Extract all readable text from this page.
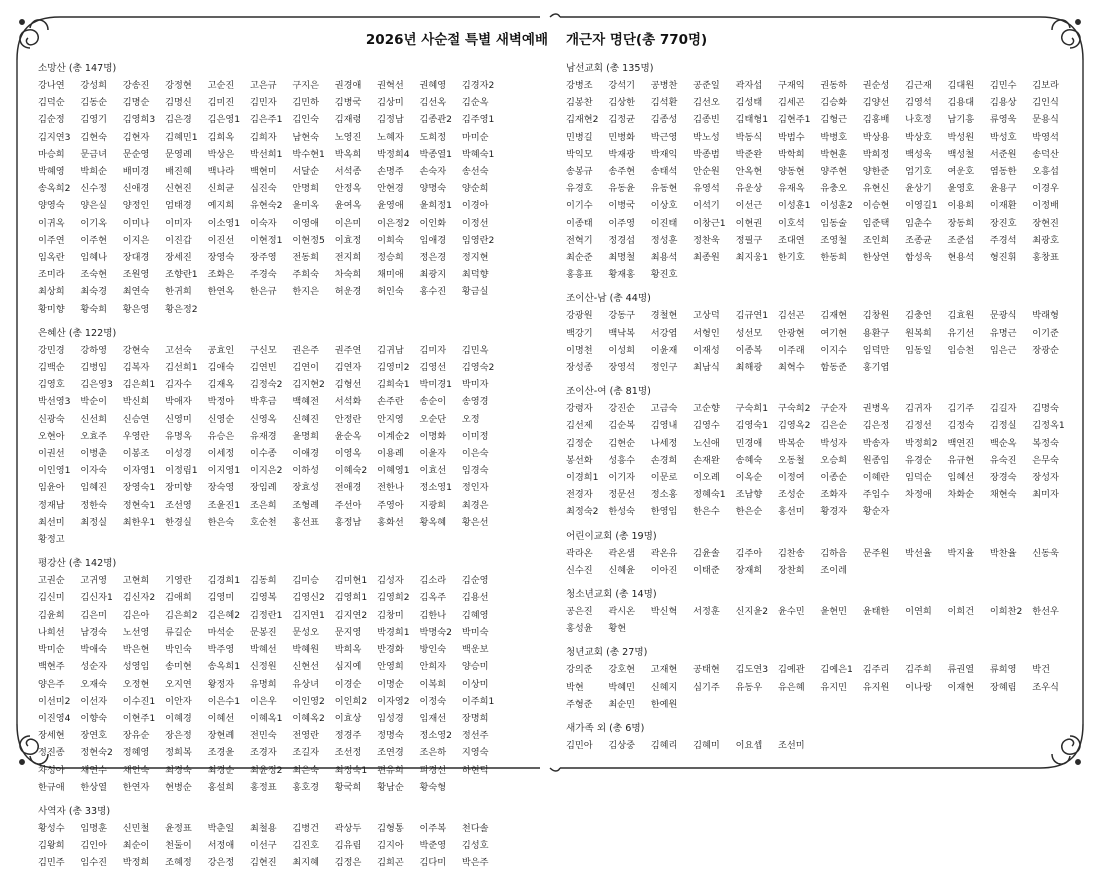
2026년 사순절 특별 새벽예배 개근자 명단(총 770명)
소망산 (총 147명)
강나연 강성희 강송진 강정현 고순진 고은규 구지은 권경애 권혁선 권혜영 김경자2김덕순 김동순 김명순 김명신 김미진 김민자 김민하 김병국 김상미 김선옥 김순옥김순정 김영기 김영희3 김은경 김은영1 김은주1 김인숙 김재령 김정남 김종관2 김주영1김지연3 김현숙 김현자 김혜민1 김희옥 김희자 남현숙 노영진 노혜자 도희정 마미순마승희 문금녀 문순영 문영례 박상은 박선희1 박수현1 박옥희 박정희4 박종열1 박혜숙1박혜영 박희순 배미경 배진혜 백나라 백현미 서달순 서석종 손명주 손숙자 송선숙송옥희2 신수정 신애경 신현진 신희균 심진숙 안명희 안정옥 안현경 양명숙 양순희양영숙 양은실 양정인 엄태경 예지희 유현숙2 윤미옥 윤여옥 윤영애 윤희정1 이경아이귀옥 이기옥 이미나 이미자 이소영1 이숙자 이영애 이은미 이은정2 이인화 이정선이주연 이주현 이지은 이진갑 이진선 이현정1 이현정5 이효정 이희숙 임애경 임영란2임옥란 임혜나 장대경 장세진 장영숙 장주영 전동희 전지희 정승희 정은경 정지현조미라 조숙현 조원영 조향란1 조화은 주경숙 주희숙 차숙희 채미애 최광지 최덕향최상희 최숙경 최연숙 한귀희 한연옥 한은규 한지은 허운경 허인숙 홍수진 황금실황미향 황숙희 황은영 황은정2
은혜산 (총 122명)
강민경 강하영 강현숙 고선숙 공효인 구신모 권은주 권주연 김귀남 김미자 김민옥김백순 김병임 김복자 김선희1 김애숙 김연빈 김연이 김연자 김영미2 김영선 김영숙2김영호 김은영3 김은희1 김자수 김재옥 김정숙2 김지현2 김형선 김희숙1 박미경1 박미자박선영3 박순이 박신희 박애자 박정아 박후금 백혜전 서석화 손주란 송순이 송영경신광숙 신선희 신승연 신영미 신영순 신영옥 신혜진 안정란 안지영 오순단 오정오현아 오효주 우영란 유명옥 유승은 유재경 윤명희 윤순옥 이계순2 이명화 이미정이권선 이병춘 이봉조 이성경 이세정 이수종 이애경 이영옥 이용례 이윤자 이은숙이인영1 이자숙 이자영1 이정림1 이지영1 이지은2 이하성 이혜숙2 이혜영1 이효선 임경숙임윤아 임혜진 장영숙1 장미향 장숙영 장임례 장효성 전애경 전한나 정소영1 정인자정재남 정한숙 정현숙1 조선영 조윤진1 조은희 조형례 주선아 주영아 지광희 최경은최선미 최정실 최한우1 한경실 한은숙 호순천 홍선표 홍정남 홍화선 황옥혜 황은선황정고
평강산 (총 142명)
고권순 고귀영 고현희 기영란 김경희1 김동희 김미승 김미현1 김성자 김소라 김순영김신미 김신자1 김신자2 김애희 김영미 김영복 김영신2 김영희1 김영희2 김옥주 김용선김윤희 김은미 김은아 김은희2 김은혜2 김정란1 김지연1 김지연2 김창미 김한나 김혜영나희선 남경숙 노선영 류길순 마석순 문봉진 문성오 문지영 박경희1 박명숙2 박미숙박미순 박애숙 박은현 박인숙 박주영 박혜선 박혜원 박희옥 반경화 방인숙 백운보백현주 성순자 성영임 송미현 송옥희1 신정원 신현선 심지예 안영희 안희자 양승미양은주 오재숙 오정현 오지연 왕정자 유명희 유상녀 이경순 이명순 이복희 이상미이선미2 이선자 이수진1 이안자 이은수1 이은우 이인영2 이인희2 이자영2 이정숙 이주희1이진영4 이향숙 이현주1 이혜경 이혜선 이혜옥1 이혜옥2 이효상 임성경 임재선 장명희장세현 장연호 장유순 장은정 장현례 전민숙 전영란 정경주 정명숙 정소영2 정선주정진종 정현숙2 정혜영 정희복 조경윤 조경자 조길자 조선정 조연경 조은하 지영숙차성아 채연수 채인숙 최경숙 최경순 최윤정2 최은숙 최정숙1 편유희 피경선 하현덕한규애 한상열 한연자 현병순 홍설희 홍정표 홍호경 황국희 황남순 황숙형
사역자 (총 33명)
황성수 임명훈 신민철 윤정표 박춘일 최철용 김병건 곽상두 김형통 이주복 천다솔김왕희 김인아 최순이 천둘이 서정애 이선구 김진호 김유림 김지아 박준영 김성호김민주 임수진 박정희 조혜정 강은정 김현진 최지혜 김정은 김희곤 김다미 박은주
남선교회 (총 135명)
강병조 강석기 공병찬 공준일 곽자섭 구재익 권동하 권순성 김근재 김대원 김민수 김보라김봉찬 김상한 김석환 김선오 김성태 김세곤 김승화 김양선 김영석 김용대 김용상 김인식김재현2 김정균 김종성 김종빈 김태형1 김현주1 김형근 김홍배 나호정 남기흥 류영욱 문용식민병길 민병화 박근영 박노성 박동식 박범수 박병호 박상용 박상호 박성원 박성호 박영석박익모 박재광 박재익 박종범 박준완 박학희 박현훈 박희정 백성욱 백성철 서준원 송덕산송봉규 송주현 송태석 안순원 안옥현 양동현 양주현 양한준 엄기호 여운호 염동한 오흥섭유경호 유동윤 유동현 유영석 유운상 유재옥 유충오 유현신 윤상기 윤영호 윤용구 이경우이기수 이병국 이상호 이석기 이선근 이성훈1 이성훈2 이승현 이영길1 이용희 이재환 이정배이종태 이주영 이진태 이창근1 이현권 이호석 임동술 임준택 임춘수 장동희 장진호 장현진전혁기 정경섭 정성훈 정찬욱 정필구 조대연 조영철 조인희 조종균 조준섭 주경석 최광호최순준 최명철 최용석 최종원 최지웅1 한기호 한동희 한상연 함성욱 현용석 형진휘 홍창표홍흥표 황재홍 황진호
조이산-남 (총 44명)
강광원 강동구 경철현 고상덕 김규연1 김선곤 김재현 김창원 김충언 김효원 문광식 박래형백강기 백낙복 서강엽 서형인 성선모 안광현 여기현 용환구 원복희 유기선 유명근 이기준이명천 이성희 이윤재 이재성 이종복 이주래 이지수 임덕만 임동일 임승천 임은근 장광순장성종 장영석 정인구 최남식 최해광 최혁수 함동준 홍기엽
조이산-여 (총 81명)
강령자 강진순 고금숙 고순향 구숙희1 구숙희2 구순자 권병옥 김귀자 김기주 김길자 김명숙김선제 김순복 김영내 김영수 김영숙1 김영옥2 김은순 김은정 김정선 김정숙 김정실 김정옥1김정순 김현순 나세정 노신애 민경애 박복순 박성자 박송자 박정희2 백연진 백순옥 복정숙봉선화 성흥수 손경희 손재완 송혜숙 오동철 오승희 원종임 유경순 유규현 유숙진 은무숙이경희1 이기자 이문로 이오례 이옥순 이정여 이종순 이혜란 임덕순 임혜선 장경숙 장성자전경자 정문선 정소홍 정혜숙1 조남향 조성순 조화자 주임수 차정애 차화순 채현숙 최미자최정숙2 한성숙 한영임 한은수 한은순 홍선미 황경자 황순자
어린이교회 (총 19명)
곽라온 곽온샘 곽온유 김윤솔 김주아 김찬송 김하음 문주원 박선율 박지율 박찬율 신동욱신수진 신혜윤 이아진 이태준 장재희 장찬희 조이레
청소년교회 (총 14명)
공은진 곽시온 박신혁 서정훈 신지윤2 윤수민 윤현민 윤태한 이연희 이희건 이희찬2 한선우홍성윤 황현
청년교회 (총 27명)
강의준 강호현 고재현 공태현 김도연3 김예관 김예은1 김주리 김주희 류권열 류희영 박건박현	박혜민 신혜지 심기주 유동우 유은혜 유지민 유지원 이나랑 이재현 장혜림 조우식주형준 최순민 한예원
새가족 외 (총 6명)
김민아 김상중 김혜리 김혜미 이요셉 조선미
